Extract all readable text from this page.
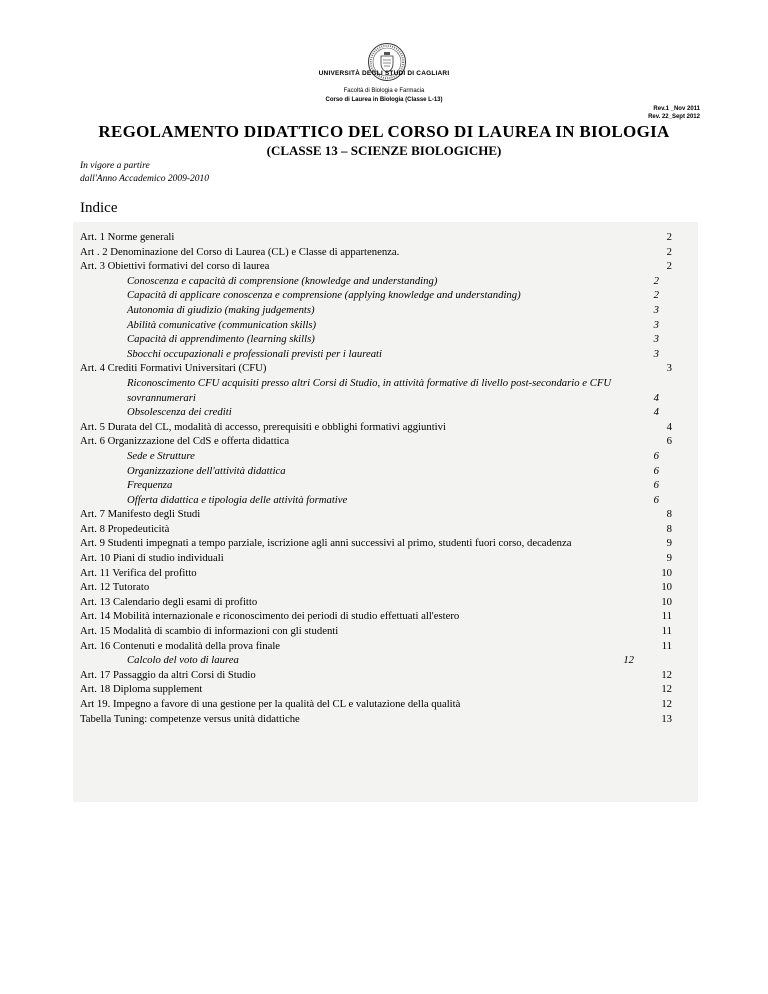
UNIVERSITÀ DEGLI STUDI DI CAGLIARI
Facoltà di Biologia e Farmacia
Corso di Laurea in Biologia (Classe L-13)
Rev.1 _Nov 2011
Rev. 22_Sept 2012
REGOLAMENTO DIDATTICO DEL CORSO DI LAUREA IN BIOLOGIA
(CLASSE 13 – SCIENZE BIOLOGICHE)
In vigore a partire
dall'Anno Accademico 2009-2010
Indice
Art. 1 Norme generali	2
Art . 2 Denominazione del Corso di Laurea (CL) e Classe di appartenenza.	2
Art. 3 Obiettivi formativi del corso di laurea	2
Conoscenza e capacità di comprensione (knowledge and understanding)	2
Capacità di applicare conoscenza e comprensione (applying knowledge and understanding)	2
Autonomia di giudizio (making judgements)	3
Abilità comunicative (communication skills)	3
Capacità di apprendimento (learning skills)	3
Sbocchi occupazionali e professionali previsti per i laureati	3
Art. 4 Crediti Formativi Universitari (CFU)	3
Riconoscimento CFU acquisiti presso altri Corsi di Studio, in attività formative di livello post-secondario e CFU
sovrannumerari	4
Obsolescenza dei crediti	4
Art. 5 Durata del CL, modalità di accesso, prerequisiti e obblighi formativi aggiuntivi	4
Art. 6 Organizzazione del CdS e offerta didattica	6
Sede e Strutture	6
Organizzazione dell'attività didattica	6
Frequenza	6
Offerta didattica e tipologia delle attività formative	6
Art. 7 Manifesto degli Studi	8
Art. 8 Propedeuticità	8
Art. 9 Studenti impegnati a tempo parziale, iscrizione agli anni successivi al primo, studenti fuori corso, decadenza	9
Art. 10 Piani di studio individuali	9
Art. 11 Verifica del profitto	10
Art. 12 Tutorato	10
Art. 13 Calendario degli esami di profitto	10
Art. 14 Mobilità internazionale e riconoscimento dei periodi di studio effettuati all'estero	11
Art. 15 Modalità di scambio di informazioni con gli studenti	11
Art. 16 Contenuti e modalità della prova finale	11
Calcolo del voto di laurea	12
Art. 17 Passaggio da altri Corsi di Studio	12
Art. 18 Diploma supplement	12
Art 19. Impegno a favore di una gestione per la qualità del CL e valutazione della qualità	12
Tabella Tuning: competenze versus unità didattiche	13
